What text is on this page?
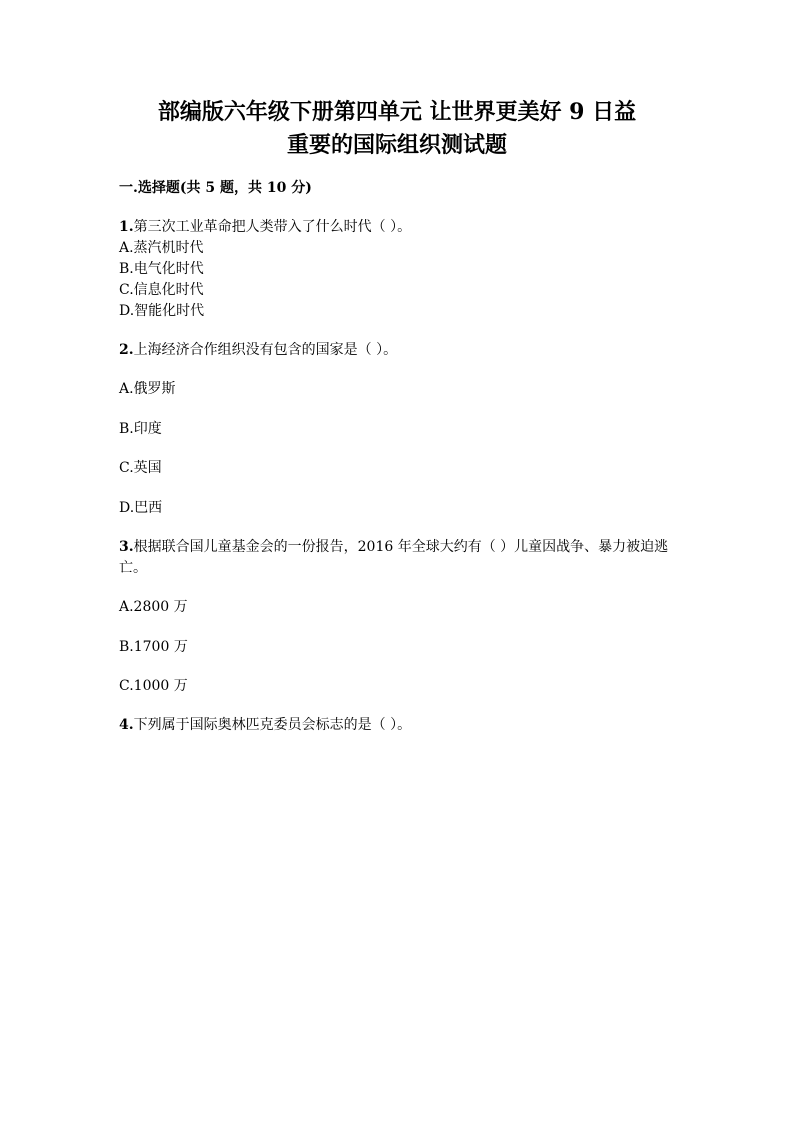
部编版六年级下册第四单元 让世界更美好 9 日益
重要的国际组织测试题
一.选择题(共 5 题，共 10 分)
1.第三次工业革命把人类带入了什么时代（ ）。
A.蒸汽机时代
B.电气化时代
C.信息化时代
D.智能化时代
2.上海经济合作组织没有包含的国家是（ ）。
A.俄罗斯
B.印度
C.英国
D.巴西
3.根据联合国儿童基金会的一份报告，2016 年全球大约有（ ）儿童因战争、暴力被迫逃亡。
A.2800 万
B.1700 万
C.1000 万
4.下列属于国际奥林匹克委员会标志的是（ ）。
